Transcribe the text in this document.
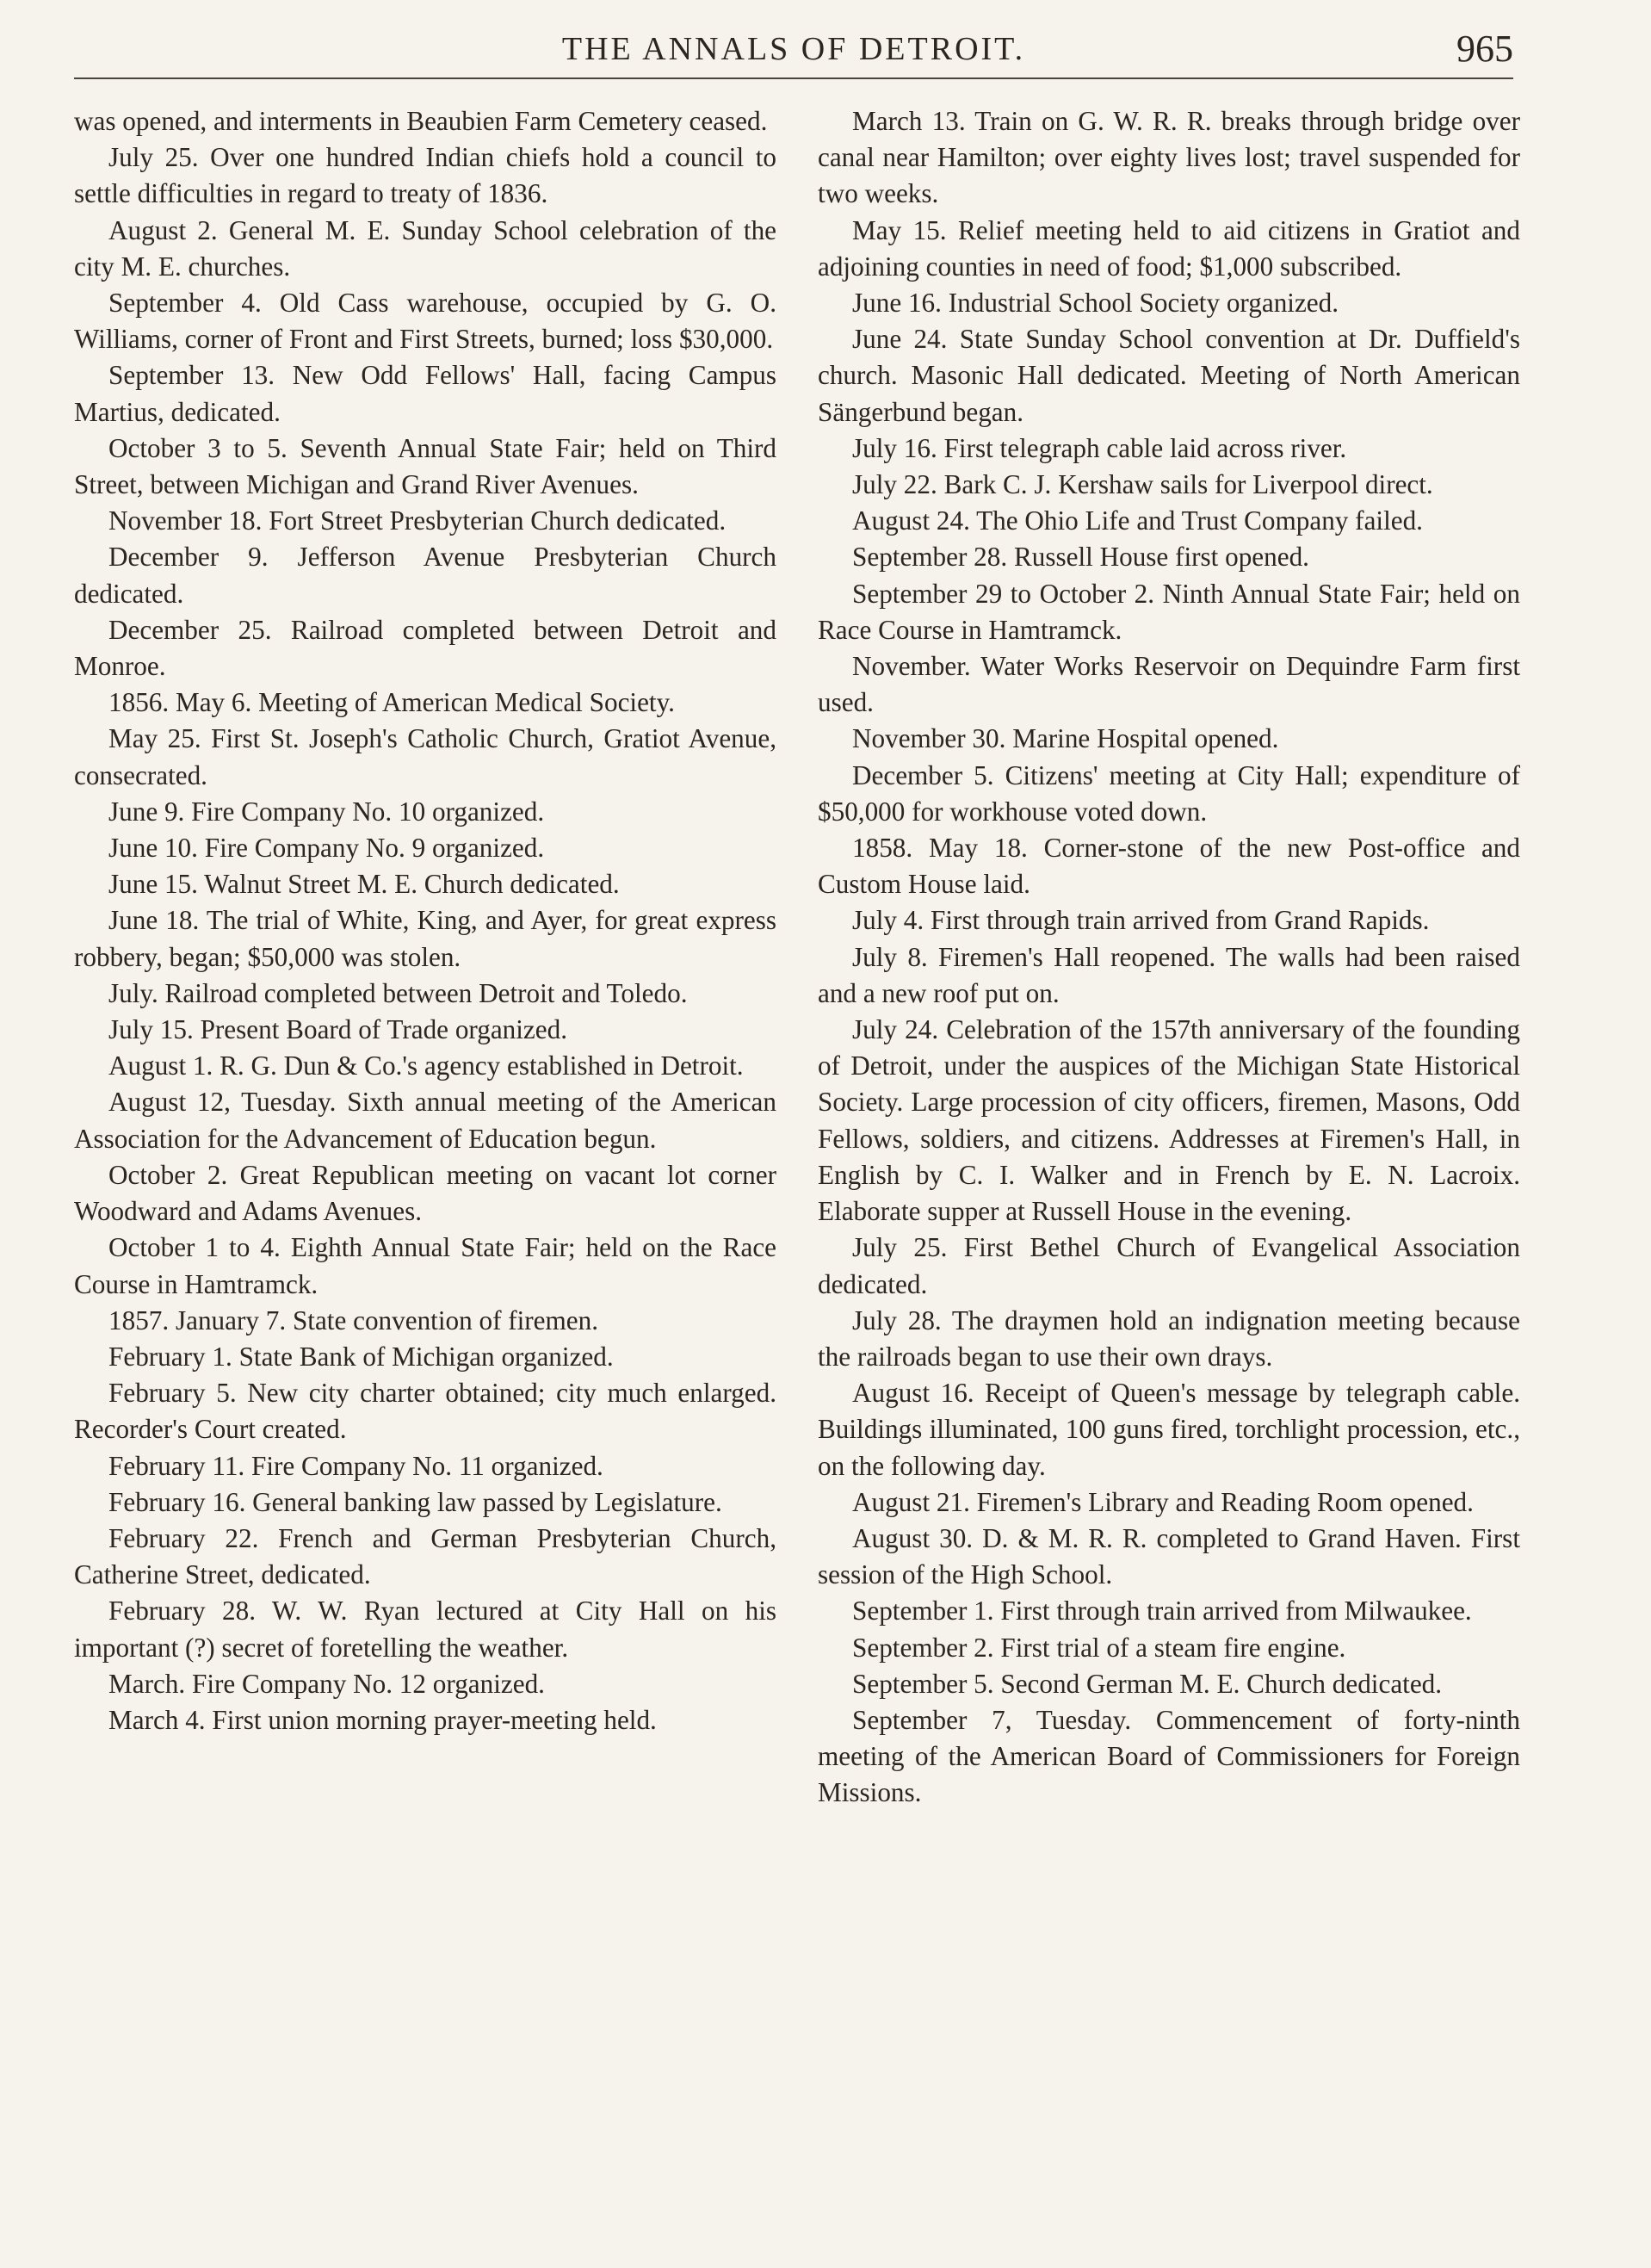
THE ANNALS OF DETROIT.	965

was opened, and interments in Beaubien Farm Cemetery ceased.

July 25. Over one hundred Indian chiefs hold a council to settle difficulties in regard to treaty of 1836.

August 2. General M. E. Sunday School celebration of the city M. E. churches.

September 4. Old Cass warehouse, occupied by G. O. Williams, corner of Front and First Streets, burned; loss $30,000.

September 13. New Odd Fellows' Hall, facing Campus Martius, dedicated.

October 3 to 5. Seventh Annual State Fair; held on Third Street, between Michigan and Grand River Avenues.

November 18. Fort Street Presbyterian Church dedicated.

December 9. Jefferson Avenue Presbyterian Church dedicated.

December 25. Railroad completed between Detroit and Monroe.

1856. May 6. Meeting of American Medical Society.

May 25. First St. Joseph's Catholic Church, Gratiot Avenue, consecrated.

June 9. Fire Company No. 10 organized.

June 10. Fire Company No. 9 organized.

June 15. Walnut Street M. E. Church dedicated.

June 18. The trial of White, King, and Ayer, for great express robbery, began; $50,000 was stolen.

July. Railroad completed between Detroit and Toledo.

July 15. Present Board of Trade organized.

August 1. R. G. Dun & Co.'s agency established in Detroit.

August 12, Tuesday. Sixth annual meeting of the American Association for the Advancement of Education begun.

October 2. Great Republican meeting on vacant lot corner Woodward and Adams Avenues.

October 1 to 4. Eighth Annual State Fair; held on the Race Course in Hamtramck.

1857. January 7. State convention of firemen.

February 1. State Bank of Michigan organized.

February 5. New city charter obtained; city much enlarged. Recorder's Court created.

February 11. Fire Company No. 11 organized.

February 16. General banking law passed by Legislature.

February 22. French and German Presbyterian Church, Catherine Street, dedicated.

February 28. W. W. Ryan lectured at City Hall on his important (?) secret of foretelling the weather.

March. Fire Company No. 12 organized.

March 4. First union morning prayer-meeting held.

March 13. Train on G. W. R. R. breaks through bridge over canal near Hamilton; over eighty lives lost; travel suspended for two weeks.

May 15. Relief meeting held to aid citizens in Gratiot and adjoining counties in need of food; $1,000 subscribed.

June 16. Industrial School Society organized.

June 24. State Sunday School convention at Dr. Duffield's church. Masonic Hall dedicated. Meeting of North American Sängerbund began.

July 16. First telegraph cable laid across river.

July 22. Bark C. J. Kershaw sails for Liverpool direct.

August 24. The Ohio Life and Trust Company failed.

September 28. Russell House first opened.

September 29 to October 2. Ninth Annual State Fair; held on Race Course in Hamtramck.

November. Water Works Reservoir on Dequindre Farm first used.

November 30. Marine Hospital opened.

December 5. Citizens' meeting at City Hall; expenditure of $50,000 for workhouse voted down.

1858. May 18. Corner-stone of the new Post-office and Custom House laid.

July 4. First through train arrived from Grand Rapids.

July 8. Firemen's Hall reopened. The walls had been raised and a new roof put on.

July 24. Celebration of the 157th anniversary of the founding of Detroit, under the auspices of the Michigan State Historical Society. Large procession of city officers, firemen, Masons, Odd Fellows, soldiers, and citizens. Addresses at Firemen's Hall, in English by C. I. Walker and in French by E. N. Lacroix. Elaborate supper at Russell House in the evening.

July 25. First Bethel Church of Evangelical Association dedicated.

July 28. The draymen hold an indignation meeting because the railroads began to use their own drays.

August 16. Receipt of Queen's message by telegraph cable. Buildings illuminated, 100 guns fired, torchlight procession, etc., on the following day.

August 21. Firemen's Library and Reading Room opened.

August 30. D. & M. R. R. completed to Grand Haven. First session of the High School.

September 1. First through train arrived from Milwaukee.

September 2. First trial of a steam fire engine.

September 5. Second German M. E. Church dedicated.

September 7, Tuesday. Commencement of forty-ninth meeting of the American Board of Commissioners for Foreign Missions.
